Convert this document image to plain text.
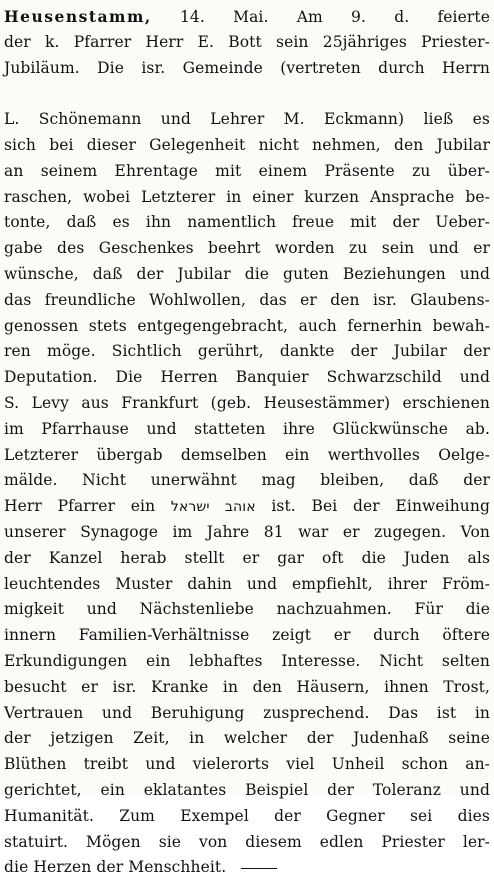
Heusenstamm, 14. Mai. Am 9. d. feierte
der k. Pfarrer Herr E. Bott sein 25jähriges Priester-
Jubiläum. Die isr. Gemeinde (vertreten durch Herrn
L. Schönemann und Lehrer M. Eckmann) ließ es
sich bei dieser Gelegenheit nicht nehmen, den Jubilar
an seinem Ehrentage mit einem Präsente zu über-
raschen, wobei Letzterer in einer kurzen Ansprache be-
tonte, daß es ihn namentlich freue mit der Ueber-
gabe des Geschenkes beehrt worden zu sein und er
wünsche, daß der Jubilar die guten Beziehungen und
das freundliche Wohlwollen, das er den isr. Glaubens-
genossen stets entgegengebracht, auch fernerhin bewah-
ren möge. Sichtlich gerührt, dankte der Jubilar der
Deputation. Die Herren Banquier Schwarzschild und
S. Levy aus Frankfurt (geb. Heusestämmer) erschienen
im Pfarrhause und statteten ihre Glückwünsche ab.
Letzterer übergab demselben ein werthvolles Oelge-
mälde. Nicht unerwähnt mag bleiben, daß der
Herr Pfarrer ein אוהב ישראל ist. Bei der Einweihung
unserer Synagoge im Jahre 81 war er zugegen. Von
der Kanzel herab stellt er gar oft die Juden als
leuchtendes Muster dahin und empfiehlt, ihrer Fröm-
migkeit und Nächstenliebe nachzuahmen. Für die
innern Familien-Verhältnisse zeigt er durch öftere
Erkundigungen ein lebhaftes Interesse. Nicht selten
besucht er isr. Kranke in den Häusern, ihnen Trost,
Vertrauen und Beruhigung zusprechend. Das ist in
der jetzigen Zeit, in welcher der Judenhaß seine
Blüthen treibt und vielerorts viel Unheil schon an-
gerichtet, ein eklatantes Beispiel der Toleranz und
Humanität. Zum Exempel der Gegner sei dies
statuirt. Mögen sie von diesem edlen Priester ler-
die Herzen der Menschheit.
